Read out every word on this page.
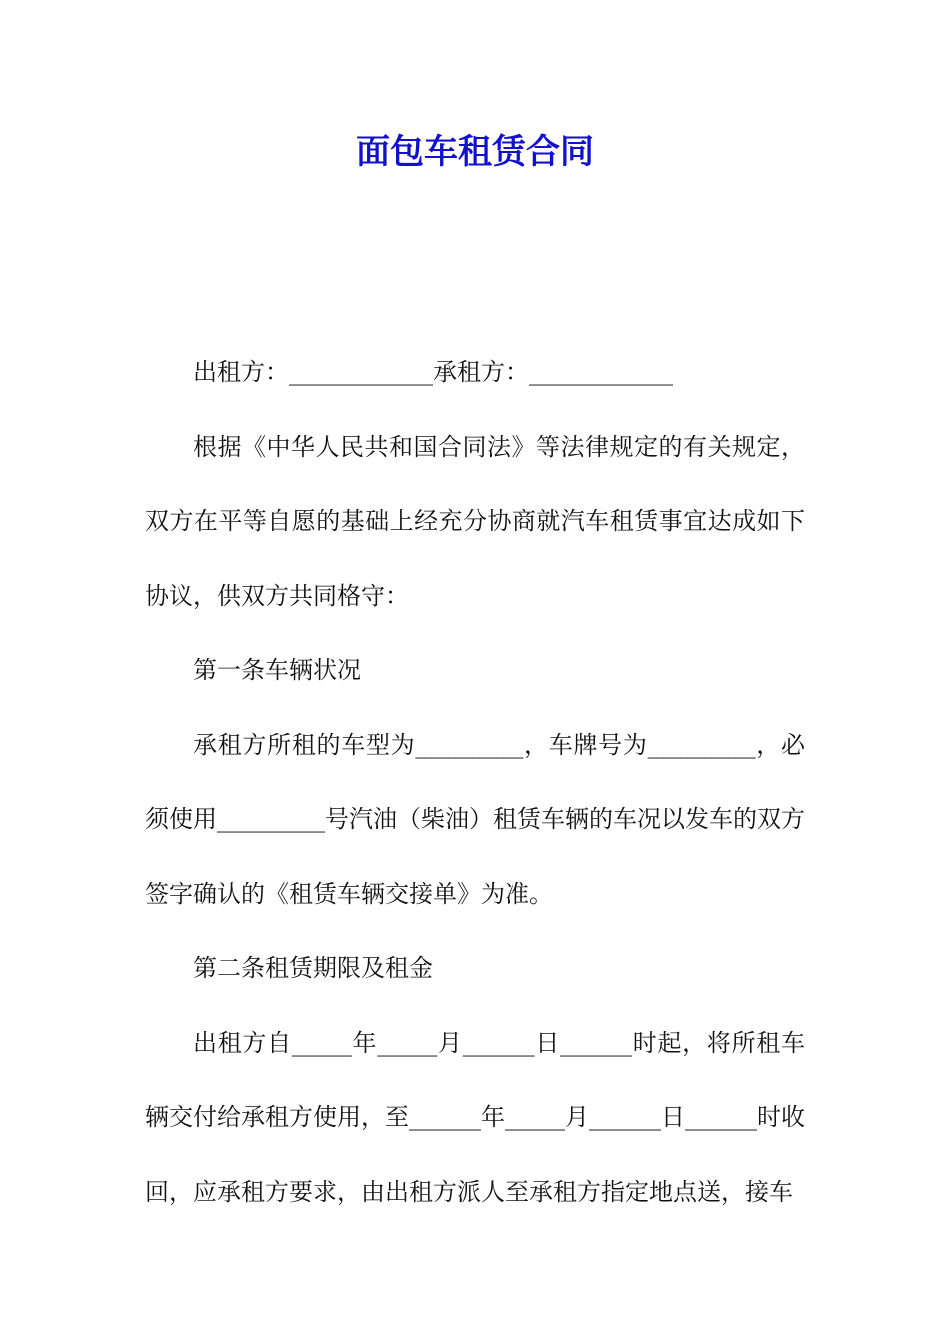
面包车租赁合同

出租方：____________承租方：____________

根据《中华人民共和国合同法》等法律规定的有关规定，双方在平等自愿的基础上经充分协商就汽车租赁事宜达成如下协议，供双方共同格守：

第一条车辆状况

承租方所租的车型为_________，车牌号为_________，必须使用_________号汽油（柴油）租赁车辆的车况以发车的双方签字确认的《租赁车辆交接单》为准。

第二条租赁期限及租金

出租方自_____年_____月______日______时起，将所租车辆交付给承租方使用，至______年_____月______日______时收回，应承租方要求，由出租方派人至承租方指定地点送，接车
